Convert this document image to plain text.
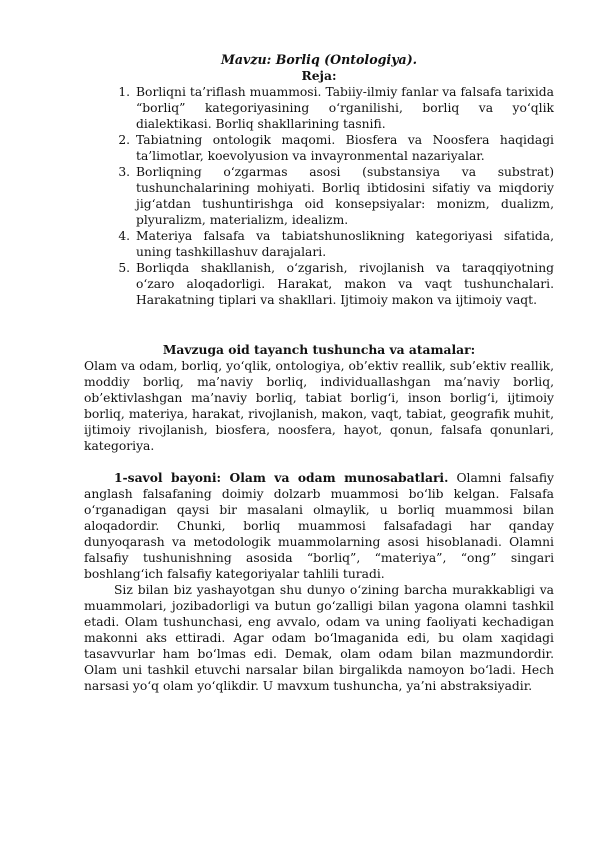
Mavzu: Borliq (Ontologiya).
Reja:
1. Borliqni ta’riflash muammosi. Tabiiy-ilmiy fanlar va falsafa tarixida “borliq” kategoriyasining o‘rganilishi, borliq va yo‘qlik dialektikasi. Borliq shakllarining tasnifi.
2. Tabiatning ontologik maqomi. Biosfera va Noosfera haqidagi ta’limotlar, koevolyusion va invayronmental nazariyalar.
3. Borliqning o‘zgarmas asosi (substansiya va substrat) tushunchalarining mohiyati. Borliq ibtidosini sifatiy va miqdoriy jig‘atdan tushuntirishga oid konsepsiyalar: monizm, dualizm, plyuralizm, materializm, idealizm.
4. Materiya falsafa va tabiatshunoslikning kategoriyasi sifatida, uning tashkillashuv darajalari.
5. Borliqda shakllanish, o‘zgarish, rivojlanish va taraqqiyotning o‘zaro aloqadorligi. Harakat, makon va vaqt tushunchalari. Harakatning tiplari va shakllari. Ijtimoiy makon va ijtimoiy vaqt.
Mavzuga oid tayanch tushuncha va atamalar:

Olam va odam, borliq, yo‘qlik, ontologiya, ob’ektiv reallik, sub’ektiv reallik, moddiy borliq, ma’naviy borliq, individuallashgan ma’naviy borliq, ob’ektivlashgan ma’naviy borliq, tabiat borlig‘i, inson borlig‘i, ijtimoiy borliq, materiya, harakat, rivojlanish, makon, vaqt, tabiat, geografik muhit, ijtimoiy rivojlanish, biosfera, noosfera, hayot, qonun, falsafa qonunlari, kategoriya.

1-savol bayoni: Olam va odam munosabatlari. Olamni falsafiy anglash falsafaning doimiy dolzarb muammosi bo‘lib kelgan. Falsafa o‘rganadigan qaysi bir masalani olmaylik, u borliq muammosi bilan aloqadordir. Chunki, borliq muammosi falsafadagi har qanday dunyoqarash va metodologik muammolarning asosi hisoblanadi. Olamni falsafiy tushunishning asosida “borliq”, “materiya”, “ong” singari boshlang‘ich falsafiy kategoriyalar tahlili turadi.

Siz bilan biz yashayotgan shu dunyo o‘zining barcha murakkabligi va muammolari, jozibadorligi va butun go‘zalligi bilan yagona olamni tashkil etadi. Olam tushunchasi, eng avvalo, odam va uning faoliyati kechadigan makonni aks ettiradi. Agar odam bo‘lmaganida edi, bu olam xaqidagi tasavvurlar ham bo‘lmas edi. Demak, olam odam bilan mazmundordir. Olam uni tashkil etuvchi narsalar bilan birgalikda namoyon bo‘ladi. Hech narsasi yo‘q olam yo‘qlikdir. U mavxum tushuncha, ya’ni abstraksiyadir.
